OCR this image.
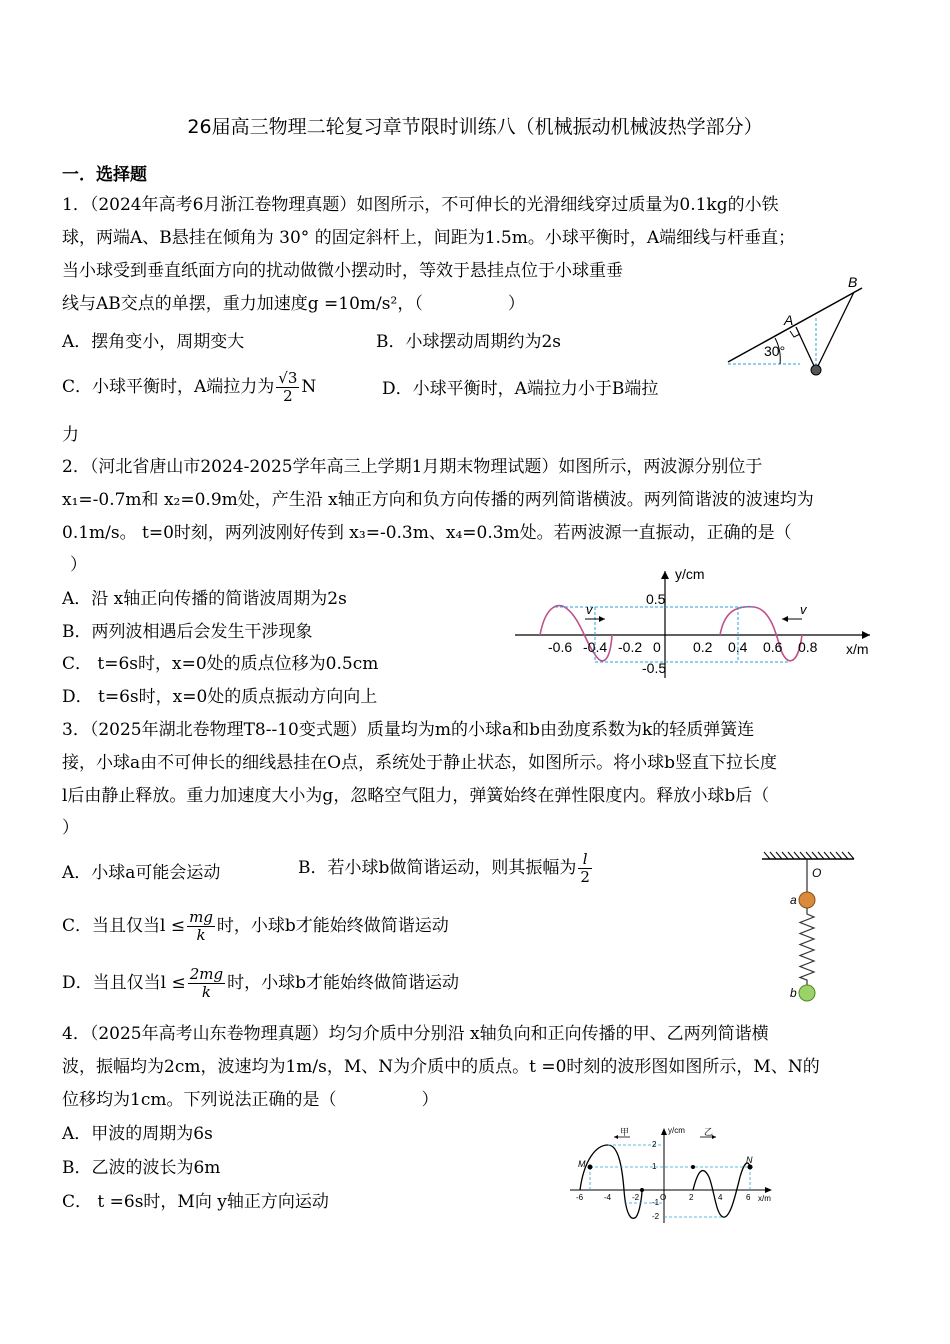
26届高三物理二轮复习章节限时训练八（机械振动机械波热学部分）
一．选择题
1．（2024年高考6月浙江卷物理真题）如图所示，不可伸长的光滑细线穿过质量为0.1kg的小铁
球，两端A、B悬挂在倾角为 30° 的固定斜杆上，间距为1.5m。小球平衡时，A端细线与杆垂直；
当小球受到垂直纸面方向的扰动做微小摆动时，等效于悬挂点位于小球重垂
线与AB交点的单摆，重力加速度g =10m/s²，（　　　　　）
A．摆角变小，周期变大	B．小球摆动周期约为2s
C．小球平衡时，A端拉力为 $\frac{√3}{2}$ N	D．小球平衡时，A端拉力小于B端拉
力
A
B
30°
2．（河北省唐山市2024-2025学年高三上学期1月期末物理试题）如图所示，两波源分别位于
x₁=-0.7m和 x₂=0.9m处，产生沿 x轴正方向和负方向传播的两列简谐横波。两列简谐波的波速均为
0.1m/s。 t=0时刻，两列波刚好传到 x₃=-0.3m、x₄=0.3m处。若两波源一直振动，正确的是（
）
A．沿 x轴正向传播的简谐波周期为2s
B．两列波相遇后会发生干涉现象
C． t=6s时，x=0处的质点位移为0.5cm
D． t=6s时，x=0处的质点振动方向向上
v	v
y/cm
x/m
0.5
-0.5
0
-0.6 -0.4 -0.2	0.2 0.4 0.6 0.8
3．（2025年湖北卷物理T8--10变式题）质量均为m的小球a和b由劲度系数为k的轻质弹簧连
接，小球a由不可伸长的细线悬挂在O点，系统处于静止状态，如图所示。将小球b竖直下拉长度
l后由静止释放。重力加速度大小为g，忽略空气阻力，弹簧始终在弹性限度内。释放小球b后（
）
A．小球a可能会运动	B．若小球b做简谐运动，则其振幅为 $\frac{l}{2}$
C．当且仅当$l \le \frac{mg}{k}$ 时，小球b才能始终做简谐运动
D．当且仅当$l \le \frac{2mg}{k}$ 时，小球b才能始终做简谐运动
O
a
b
4．（2025年高考山东卷物理真题）均匀介质中分别沿 x轴负向和正向传播的甲、乙两列简谐横
波，振幅均为2cm，波速均为1m/s，M、N为介质中的质点。t =0时刻的波形图如图所示，M、N的
位移均为1cm。下列说法正确的是（　　　　　）
A．甲波的周期为6s
B．乙波的波长为6m
C． t =6s时，M向 y轴正方向运动
甲	乙
M	N
y/cm
x/m
2
1
-1
-2
-6	-4	-2	O	2	4	6
